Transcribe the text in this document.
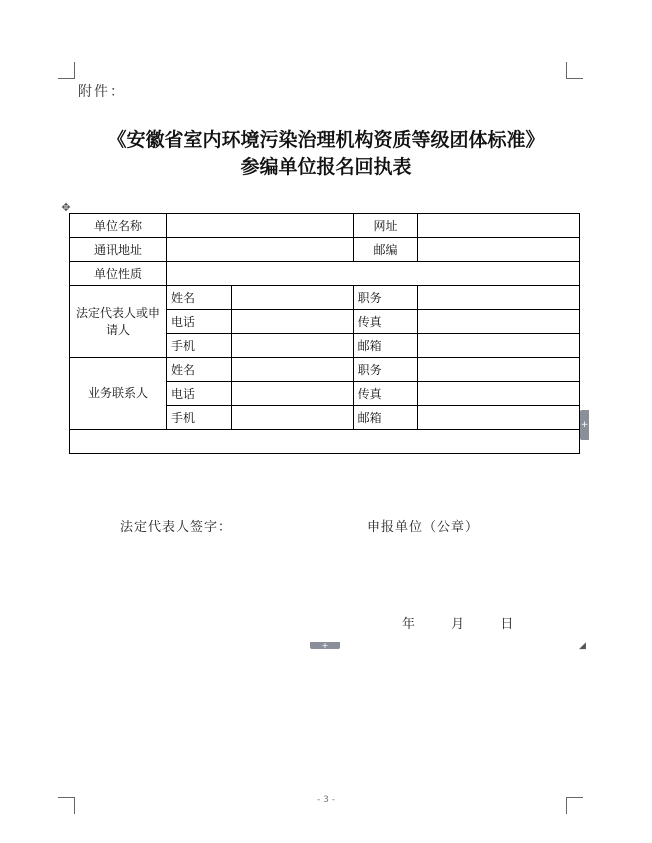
附件：
《安徽省室内环境污染治理机构资质等级团体标准》
参编单位报名回执表
✥
单位名称			网址	
通讯地址			邮编	
单位性质				
法定代表人或申请人	姓名		职务	
	电话		传真	
	手机		邮箱	
业务联系人	姓名		职务	
	电话		传真	
	手机		邮箱	

法定代表人签字： 申报单位（公章）
年 月 日				
+
+	◢
- 3 -
